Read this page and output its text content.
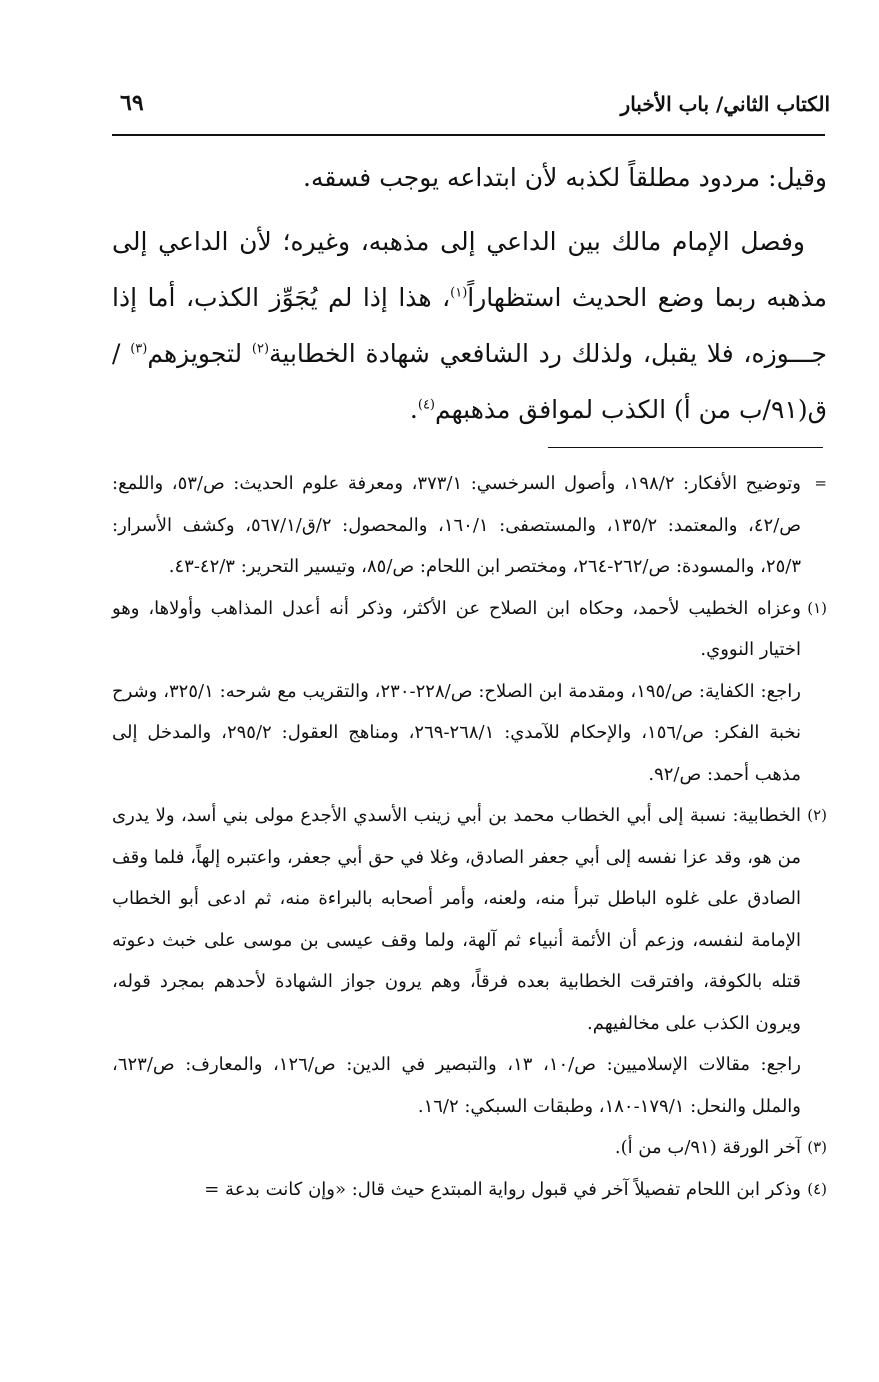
الكتاب الثاني/ باب الأخبار
٦٩

وقيل: مردود مطلقاً لكذبه لأن ابتداعه يوجب فسقه.

وفصل الإمام مالك بين الداعي إلى مذهبه، وغيره؛ لأن الداعي إلى مذهبه ربما وضع الحديث استظهاراً$^{(١)}$، هذا إذا لم يُجَوِّز الكذب، أما إذا جـــوزه، فلا يقبل، ولذلك رد الشافعي شهادة الخطابية$^{(٢)}$ لتجويزهم$^{(٣)}$ / ق(٩١/ب من أ) الكذب لموافق مذهبهم$^{(٤)}$.

=

وتوضيح الأفكار: ١٩٨/٢، وأصول السرخسي: ٣٧٣/١، ومعرفة علوم الحديث: ص/٥٣، واللمع: ص/٤٢، والمعتمد: ١٣٥/٢، والمستصفى: ١٦٠/١، والمحصول: ٢/ق/٥٦٧/١، وكشف الأسرار: ٢٥/٣، والمسودة: ص/٢٦٢-٢٦٤، ومختصر ابن اللحام: ص/٨٥، وتيسير التحرير: ٤٢/٣-٤٣.

(١)

وعزاه الخطيب لأحمد، وحكاه ابن الصلاح عن الأكثر، وذكر أنه أعدل المذاهب وأولاها، وهو اختيار النووي.

راجع: الكفاية: ص/١٩٥، ومقدمة ابن الصلاح: ص/٢٢٨-٢٣٠، والتقريب مع شرحه: ٣٢٥/١، وشرح نخبة الفكر: ص/١٥٦، والإحكام للآمدي: ٢٦٨/١-٢٦٩، ومناهج العقول: ٢٩٥/٢، والمدخل إلى مذهب أحمد: ص/٩٢.

(٢)

الخطابية: نسبة إلى أبي الخطاب محمد بن أبي زينب الأسدي الأجدع مولى بني أسد، ولا يدرى من هو، وقد عزا نفسه إلى أبي جعفر الصادق، وغلا في حق أبي جعفر، واعتبره إلهاً، فلما وقف الصادق على غلوه الباطل تبرأ منه، ولعنه، وأمر أصحابه بالبراءة منه، ثم ادعى أبو الخطاب الإمامة لنفسه، وزعم أن الأئمة أنبياء ثم آلهة، ولما وقف عيسى بن موسى على خبث دعوته قتله بالكوفة، وافترقت الخطابية بعده فرقاً، وهم يرون جواز الشهادة لأحدهم بمجرد قوله، ويرون الكذب على مخالفيهم.

راجع: مقالات الإسلاميين: ص/١٠، ١٣، والتبصير في الدين: ص/١٢٦، والمعارف: ص/٦٢٣، والملل والنحل: ١٧٩/١-١٨٠، وطبقات السبكي: ١٦/٢.

(٣)

آخر الورقة (٩١/ب من أ).

(٤)

وذكر ابن اللحام تفصيلاً آخر في قبول رواية المبتدع حيث قال: «وإن كانت بدعة =
